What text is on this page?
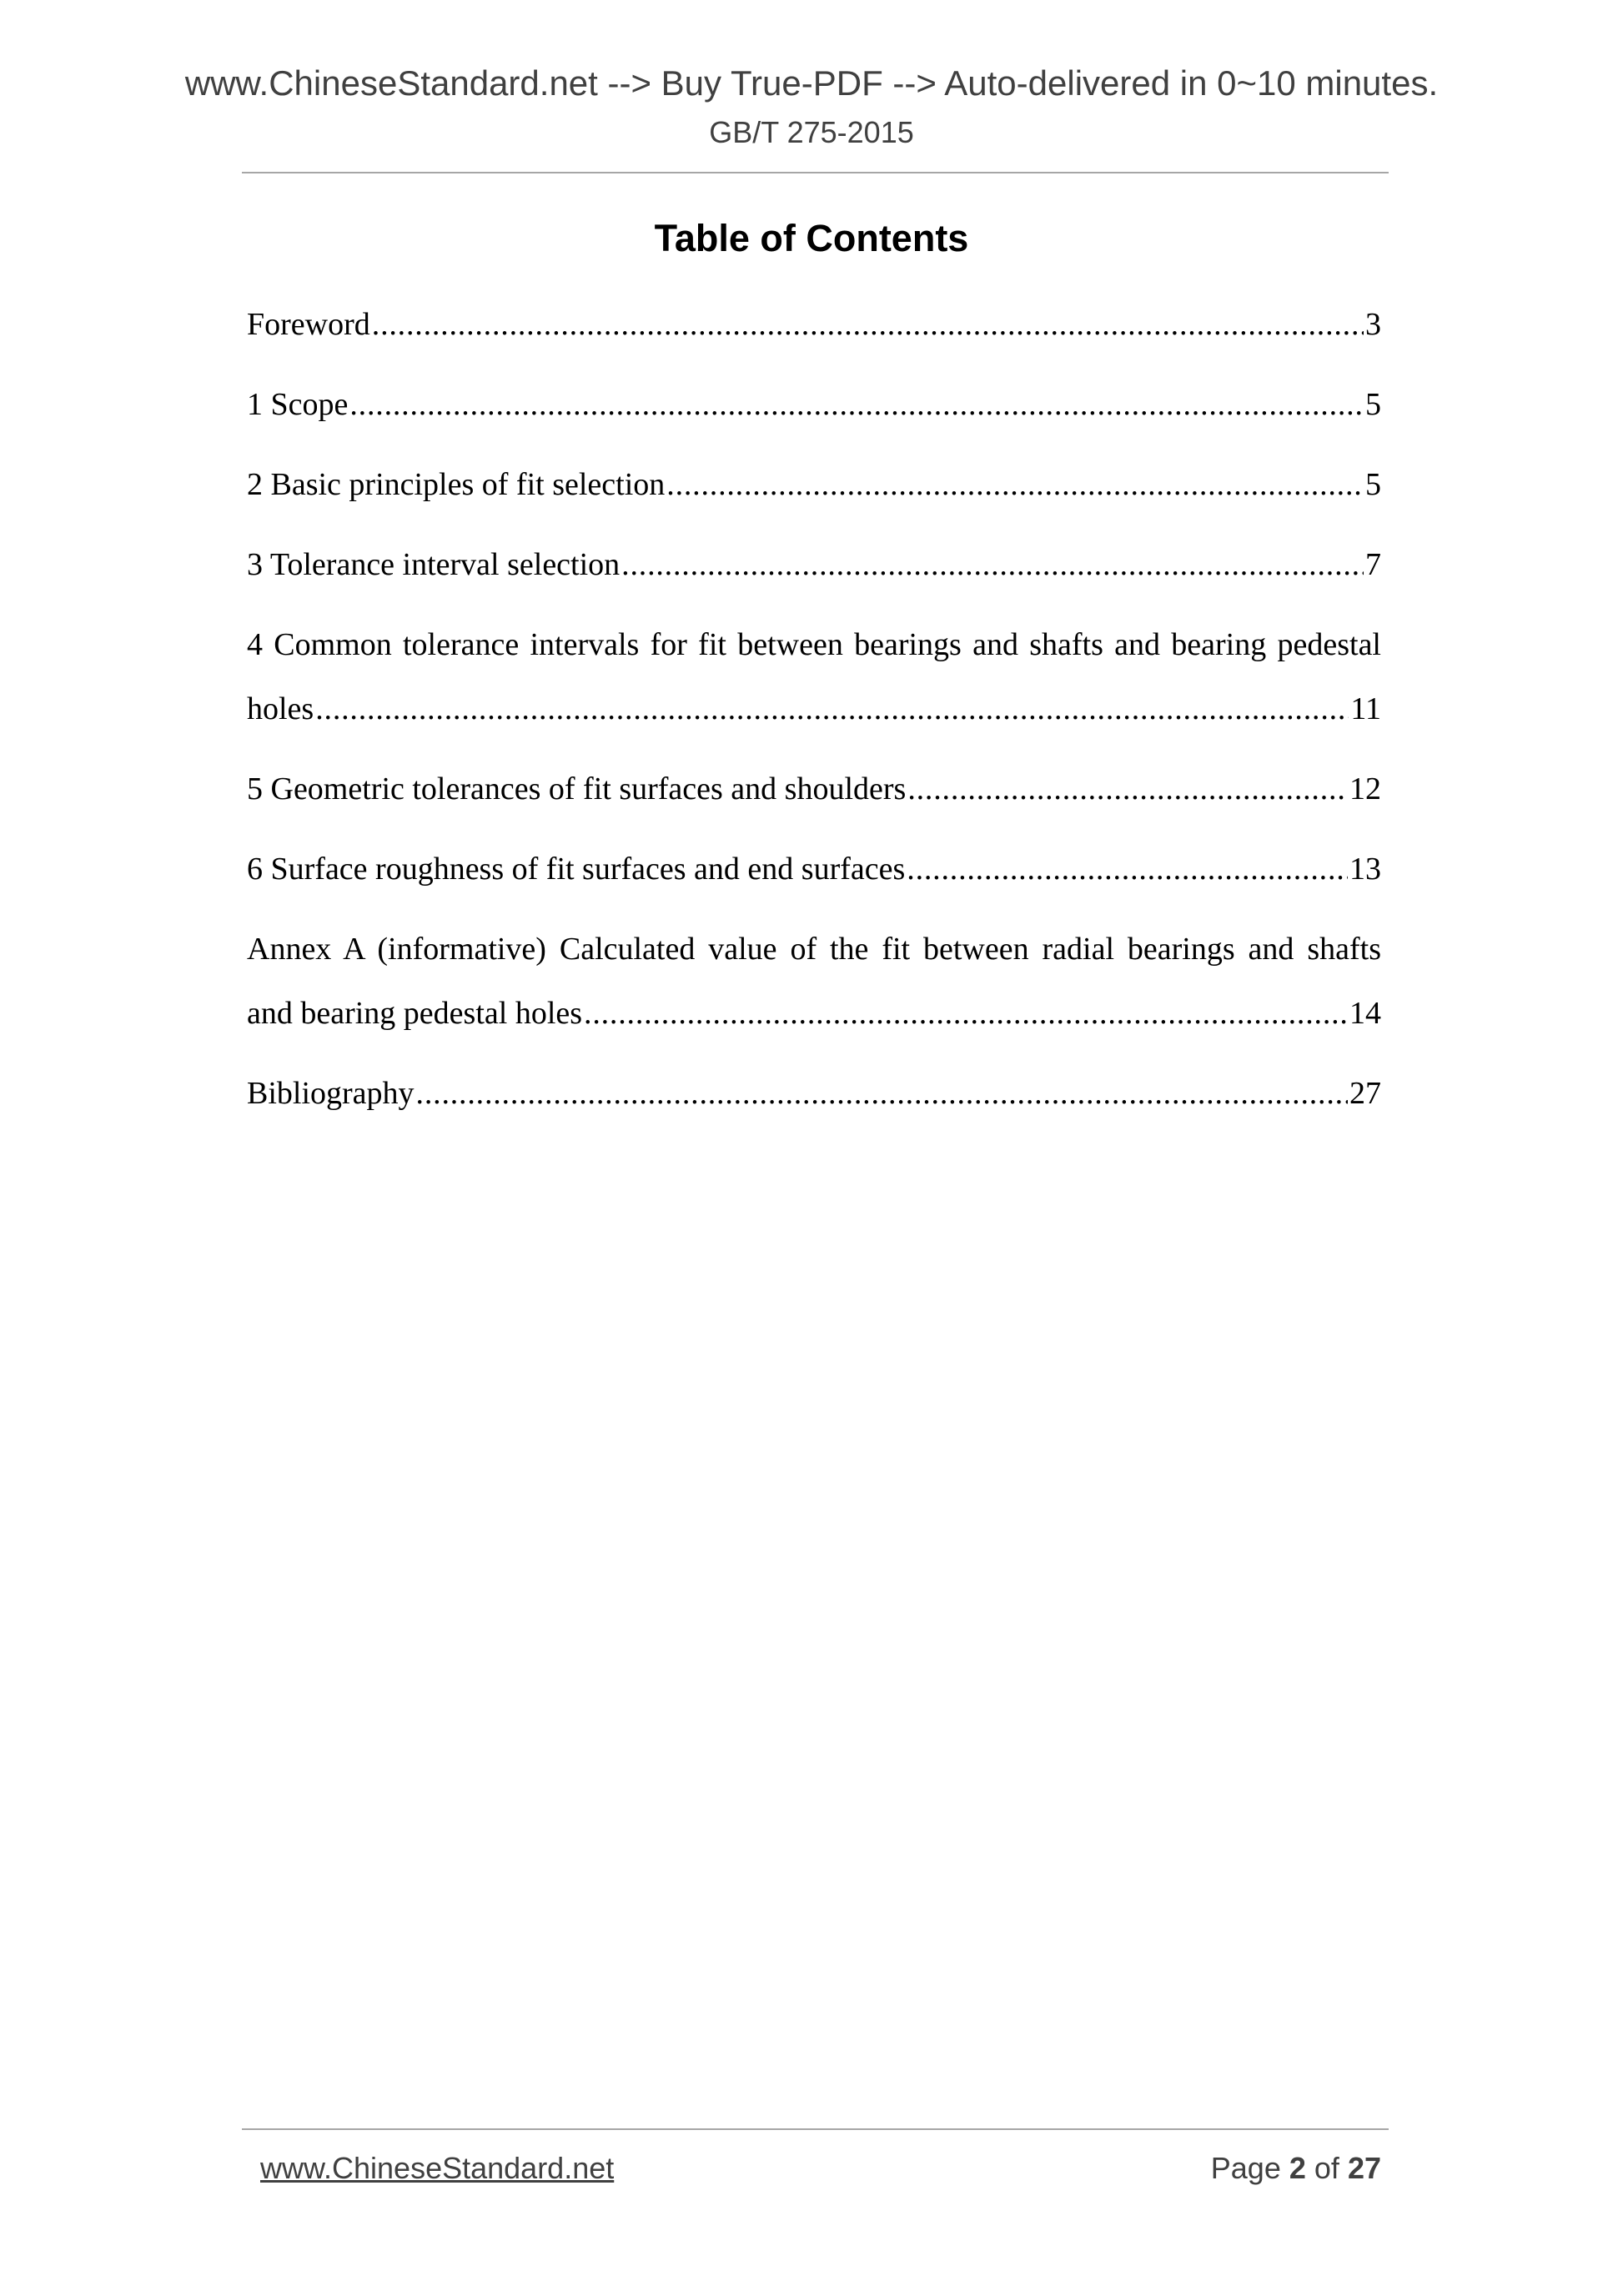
www.ChineseStandard.net --> Buy True-PDF --> Auto-delivered in 0~10 minutes.
GB/T 275-2015
Table of Contents
Foreword .....	3
1 Scope .....	5
2 Basic principles of fit selection .....	5
3 Tolerance interval selection .....	7
4 Common tolerance intervals for fit between bearings and shafts and bearing pedestal
holes .....	11
5 Geometric tolerances of fit surfaces and shoulders .....	12
6 Surface roughness of fit surfaces and end surfaces .....	13
Annex A (informative) Calculated value of the fit between radial bearings and shafts
and bearing pedestal holes .....	14
Bibliography .....	27
www.ChineseStandard.net	Page 2 of 27
